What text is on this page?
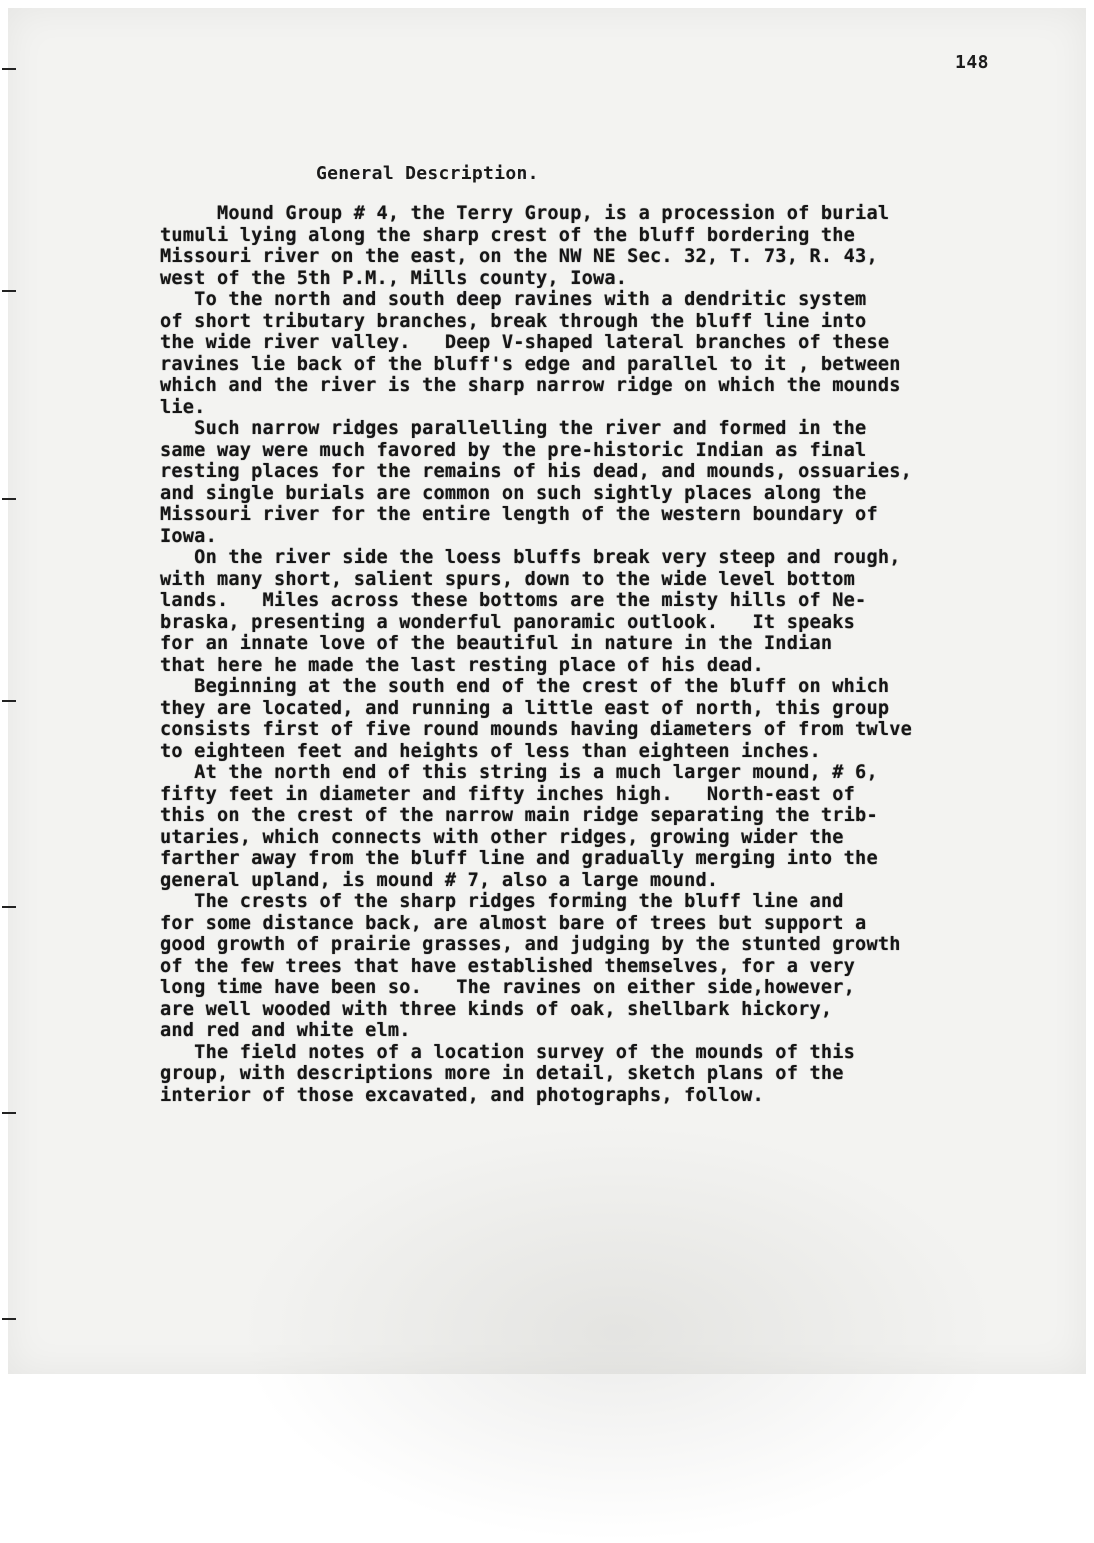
148
General Description.
Mound Group # 4, the Terry Group, is a procession of burial
tumuli lying along the sharp crest of the bluff bordering the
Missouri river on the east, on the NW NE Sec. 32, T. 73, R. 43,
west of the 5th P.M., Mills county, Iowa.
To the north and south deep ravines with a dendritic system
of short tributary branches, break through the bluff line into
the wide river valley.   Deep V-shaped lateral branches of these
ravines lie back of the bluff's edge and parallel to it , between
which and the river is the sharp narrow ridge on which the mounds
lie.
Such narrow ridges parallelling the river and formed in the
same way were much favored by the pre-historic Indian as final
resting places for the remains of his dead, and mounds, ossuaries,
and single burials are common on such sightly places along the
Missouri river for the entire length of the western boundary of
Iowa.
On the river side the loess bluffs break very steep and rough,
with many short, salient spurs, down to the wide level bottom
lands.   Miles across these bottoms are the misty hills of Ne-
braska, presenting a wonderful panoramic outlook.   It speaks
for an innate love of the beautiful in nature in the Indian
that here he made the last resting place of his dead.
Beginning at the south end of the crest of the bluff on which
they are located, and running a little east of north, this group
consists first of five round mounds having diameters of from twlve
to eighteen feet and heights of less than eighteen inches.
At the north end of this string is a much larger mound, # 6,
fifty feet in diameter and fifty inches high.   North-east of
this on the crest of the narrow main ridge separating the trib-
utaries, which connects with other ridges, growing wider the
farther away from the bluff line and gradually merging into the
general upland, is mound # 7, also a large mound.
The crests of the sharp ridges forming the bluff line and
for some distance back, are almost bare of trees but support a
good growth of prairie grasses, and judging by the stunted growth
of the few trees that have established themselves, for a very
long time have been so.   The ravines on either side,however,
are well wooded with three kinds of oak, shellbark hickory,
and red and white elm.
The field notes of a location survey of the mounds of this
group, with descriptions more in detail, sketch plans of the
interior of those excavated, and photographs, follow.
